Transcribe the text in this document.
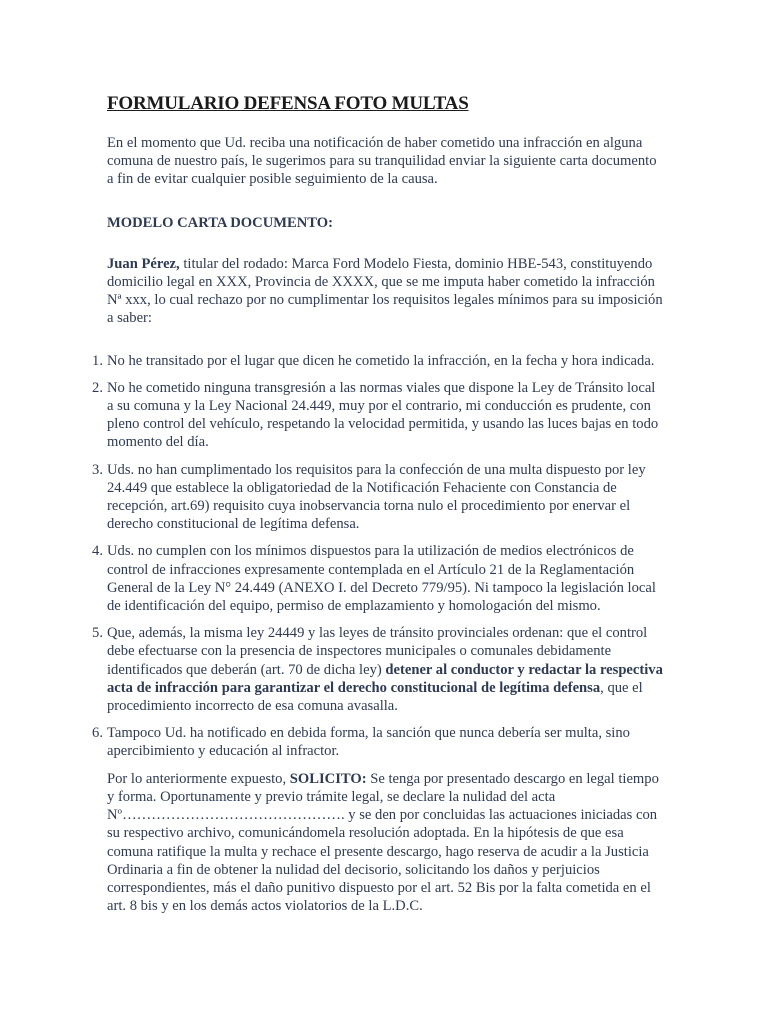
FORMULARIO DEFENSA FOTO MULTAS

En el momento que Ud. reciba una notificación de haber cometido una infracción en alguna comuna de nuestro país, le sugerimos para su tranquilidad enviar la siguiente carta documento a fin de evitar cualquier posible seguimiento de la causa.

MODELO CARTA DOCUMENTO:

Juan Pérez, titular del rodado: Marca Ford Modelo Fiesta, dominio HBE-543, constituyendo domicilio legal en XXX, Provincia de XXXX, que se me imputa haber cometido la infracción Nª xxx, lo cual rechazo por no cumplimentar los requisitos legales mínimos para su imposición a saber:

1. No he transitado por el lugar que dicen he cometido la infracción, en la fecha y hora indicada.
2. No he cometido ninguna transgresión a las normas viales que dispone la Ley de Tránsito local a su comuna y la Ley Nacional 24.449, muy por el contrario, mi conducción es prudente, con pleno control del vehículo, respetando la velocidad permitida, y usando las luces bajas en todo momento del día.
3. Uds. no han cumplimentado los requisitos para la confección de una multa dispuesto por ley 24.449 que establece la obligatoriedad de la Notificación Fehaciente con Constancia de recepción, art.69) requisito cuya inobservancia torna nulo el procedimiento por enervar el derecho constitucional de legítima defensa.
4. Uds. no cumplen con los mínimos dispuestos para la utilización de medios electrónicos de control de infracciones expresamente contemplada en el Artículo 21 de la Reglamentación General de la Ley N° 24.449 (ANEXO I. del Decreto 779/95). Ni tampoco la legislación local de identificación del equipo, permiso de emplazamiento y homologación del mismo.
5. Que, además, la misma ley 24449 y las leyes de tránsito provinciales ordenan: que el control debe efectuarse con la presencia de inspectores municipales o comunales debidamente identificados que deberán (art. 70 de dicha ley) detener al conductor y redactar la respectiva acta de infracción para garantizar el derecho constitucional de legítima defensa, que el procedimiento incorrecto de esa comuna avasalla.
6. Tampoco Ud. ha notificado en debida forma, la sanción que nunca debería ser multa, sino apercibimiento y educación al infractor.

Por lo anteriormente expuesto, SOLICITO: Se tenga por presentado descargo en legal tiempo y forma. Oportunamente y previo trámite legal, se declare la nulidad del acta Nº………………………………………. y se den por concluidas las actuaciones iniciadas con su respectivo archivo, comunicándomela resolución adoptada. En la hipótesis de que esa comuna ratifique la multa y rechace el presente descargo, hago reserva de acudir a la Justicia Ordinaria a fin de obtener la nulidad del decisorio, solicitando los daños y perjuicios correspondientes, más el daño punitivo dispuesto por el art. 52 Bis por la falta cometida en el art. 8 bis y en los demás actos violatorios de la L.D.C.
